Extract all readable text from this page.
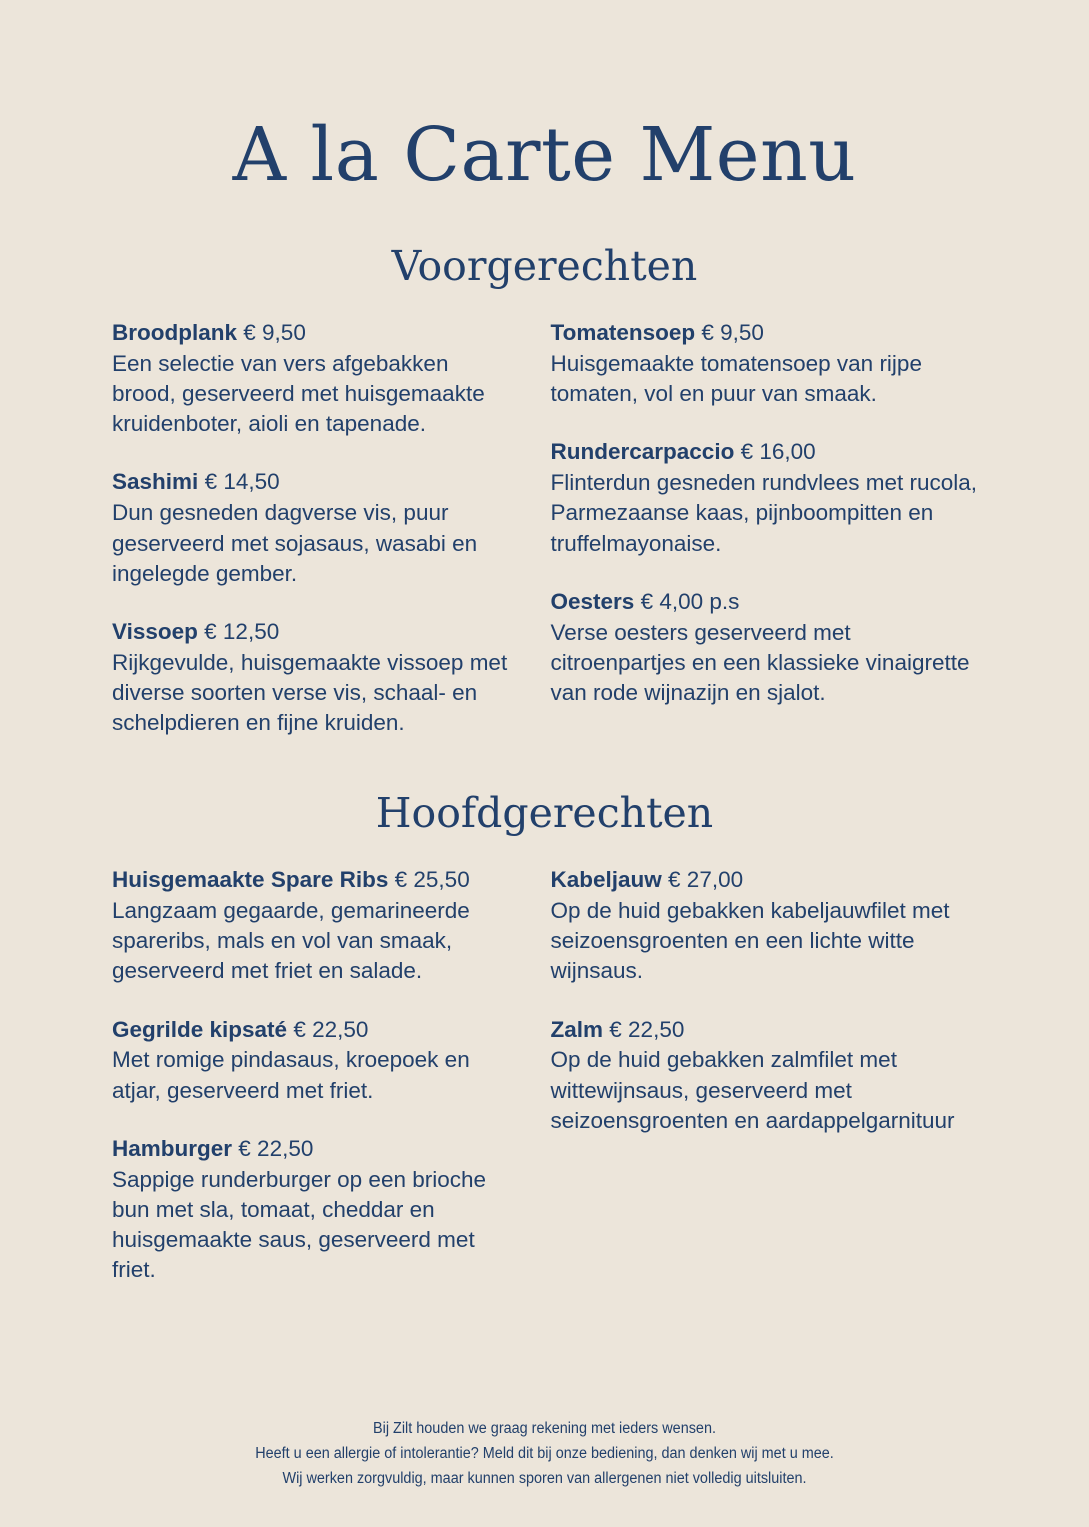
A la Carte Menu
Voorgerechten

Broodplank € 9,50

Een selectie van vers afgebakken brood, geserveerd met huisgemaakte kruidenboter, aioli en tapenade.

Sashimi € 14,50

Dun gesneden dagverse vis, puur geserveerd met sojasaus, wasabi en ingelegde gember.

Vissoep € 12,50

Rijkgevulde, huisgemaakte vissoep met diverse soorten verse vis, schaal- en schelpdieren en fijne kruiden.

Tomatensoep € 9,50

Huisgemaakte tomatensoep van rijpe tomaten, vol en puur van smaak.

Rundercarpaccio € 16,00

Flinterdun gesneden rundvlees met rucola, Parmezaanse kaas, pijnboompitten en truffelmayonaise.

Oesters € 4,00 p.s

Verse oesters geserveerd met citroenpartjes en een klassieke vinaigrette van rode wijnazijn en sjalot.

Hoofdgerechten

Huisgemaakte Spare Ribs € 25,50

Langzaam gegaarde, gemarineerde spareribs, mals en vol van smaak, geserveerd met friet en salade.

Gegrilde kipsaté € 22,50

Met romige pindasaus, kroepoek en atjar, geserveerd met friet.

Hamburger € 22,50

Sappige runderburger op een brioche bun met sla, tomaat, cheddar en huisgemaakte saus, geserveerd met friet.

Kabeljauw € 27,00

Op de huid gebakken kabeljauwfilet met seizoensgroenten en een lichte witte wijnsaus.

Zalm € 22,50

Op de huid gebakken zalmfilet met wittewijnsaus, geserveerd met seizoensgroenten en aardappelgarnituur

Bij Zilt houden we graag rekening met ieders wensen.
Heeft u een allergie of intolerantie? Meld dit bij onze bediening, dan denken wij met u mee.
Wij werken zorgvuldig, maar kunnen sporen van allergenen niet volledig uitsluiten.
